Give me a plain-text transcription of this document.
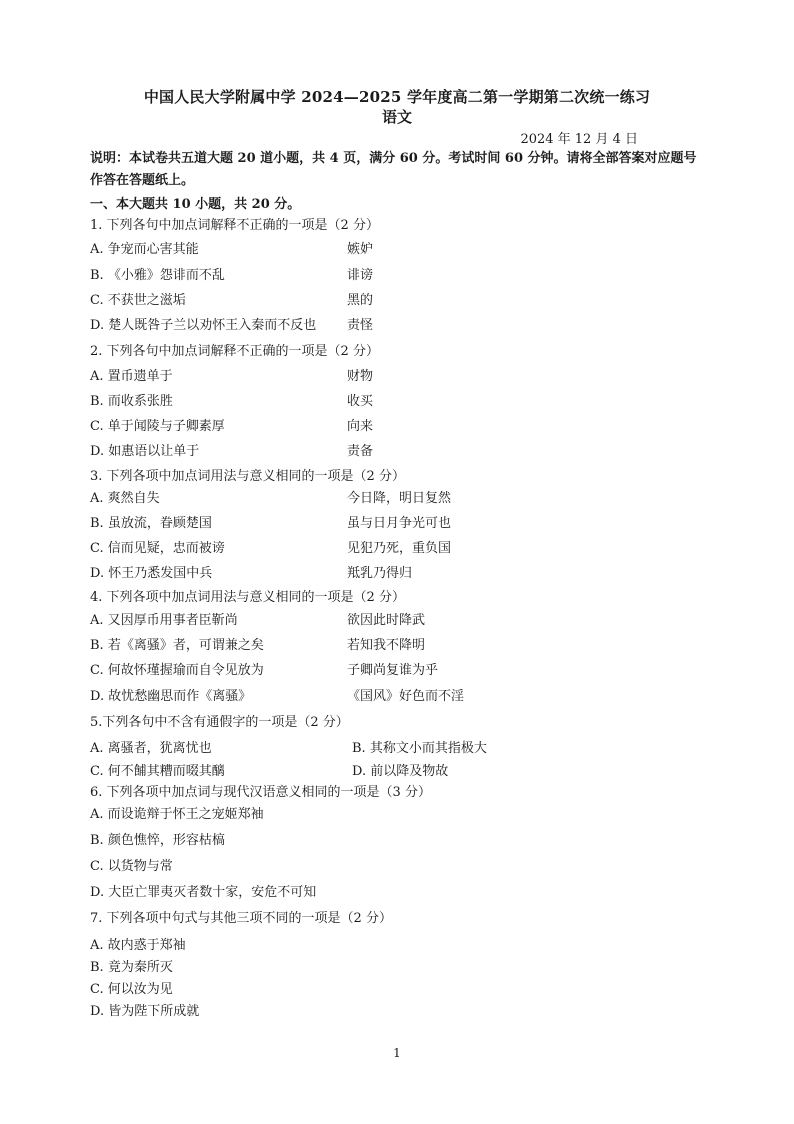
中国人民大学附属中学 2024—2025 学年度高二第一学期第二次统一练习
语文
2024 年 12 月 4 日
说明：本试卷共五道大题 20 道小题，共 4 页，满分 60 分。考试时间 60 分钟。请将全部答案对应题号作答在答题纸上。
一、本大题共 10 小题，共 20 分。
1. 下列各句中加点词解释不正确的一项是（2 分）
A. 争宠而心害其能	嫉妒
B. 《小雅》怨诽而不乱	诽谤
C. 不获世之滋垢	黑的
D. 楚人既咎子兰以劝怀王入秦而不反也 责怪
2. 下列各句中加点词解释不正确的一项是（2 分）
A. 置币遗单于	财物
B. 而收系张胜	收买
C. 单于闻陵与子卿素厚	向来
D. 如惠语以让单于	责备
3. 下列各项中加点词用法与意义相同的一项是（2 分）
A. 爽然自失	今日降，明日复然
B. 虽放流，眷顾楚国	虽与日月争光可也
C. 信而见疑，忠而被谤	见犯乃死，重负国
D. 怀王乃悉发国中兵	羝乳乃得归
4. 下列各项中加点词用法与意义相同的一项是（2 分）
A. 又因厚币用事者臣靳尚	欲因此时降武
B. 若《离骚》者，可谓兼之矣	若知我不降明
C. 何故怀瑾握瑜而自令见放为	子卿尚复谁为乎
D. 故忧愁幽思而作《离骚》	《国风》好色而不淫
5.下列各句中不含有通假字的一项是（2 分）
A. 离骚者，犹离忧也	B. 其称文小而其指极大
C. 何不餔其糟而啜其醨	D. 前以降及物故
6. 下列各项中加点词与现代汉语意义相同的一项是（3 分）
A. 而设诡辩于怀王之宠姬郑袖
B. 颜色憔悴，形容枯槁
C. 以货物与常
D. 大臣亡罪夷灭者数十家，安危不可知
7. 下列各项中句式与其他三项不同的一项是（2 分）
A. 故内惑于郑袖
B. 竟为秦所灭
C. 何以汝为见
D. 皆为陛下所成就
1
